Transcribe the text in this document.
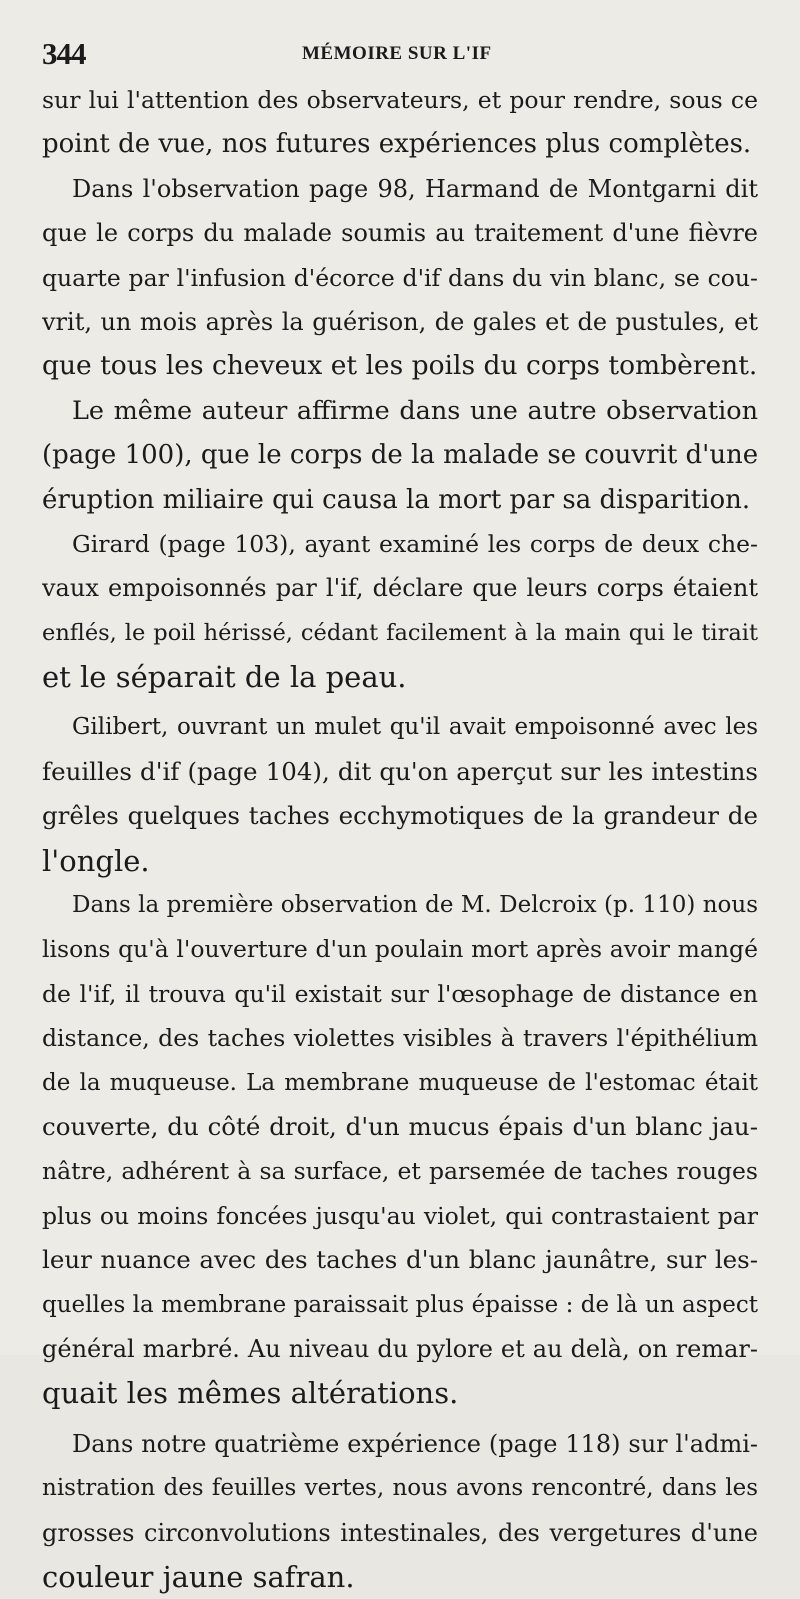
344	MÉMOIRE SUR L'IF
sur lui l'attention des observateurs, et pour rendre, sous ce
point de vue, nos futures expériences plus complètes.
Dans l'observation page 98, Harmand de Montgarni dit
que le corps du malade soumis au traitement d'une fièvre
quarte par l'infusion d'écorce d'if dans du vin blanc, se cou-
vrit, un mois après la guérison, de gales et de pustules, et
que tous les cheveux et les poils du corps tombèrent.
Le même auteur affirme dans une autre observation
(page 100), que le corps de la malade se couvrit d'une
éruption miliaire qui causa la mort par sa disparition.
Girard (page 103), ayant examiné les corps de deux che-
vaux empoisonnés par l'if, déclare que leurs corps étaient
enflés, le poil hérissé, cédant facilement à la main qui le tirait
et le séparait de la peau.
Gilibert, ouvrant un mulet qu'il avait empoisonné avec les
feuilles d'if (page 104), dit qu'on aperçut sur les intestins
grêles quelques taches ecchymotiques de la grandeur de
l'ongle.
Dans la première observation de M. Delcroix (p. 110) nous
lisons qu'à l'ouverture d'un poulain mort après avoir mangé
de l'if, il trouva qu'il existait sur l'œsophage de distance en
distance, des taches violettes visibles à travers l'épithélium
de la muqueuse. La membrane muqueuse de l'estomac était
couverte, du côté droit, d'un mucus épais d'un blanc jau-
nâtre, adhérent à sa surface, et parsemée de taches rouges
plus ou moins foncées jusqu'au violet, qui contrastaient par
leur nuance avec des taches d'un blanc jaunâtre, sur les-
quelles la membrane paraissait plus épaisse : de là un aspect
général marbré. Au niveau du pylore et au delà, on remar-
quait les mêmes altérations.
Dans notre quatrième expérience (page 118) sur l'admi-
nistration des feuilles vertes, nous avons rencontré, dans les
grosses circonvolutions intestinales, des vergetures d'une
couleur jaune safran.
